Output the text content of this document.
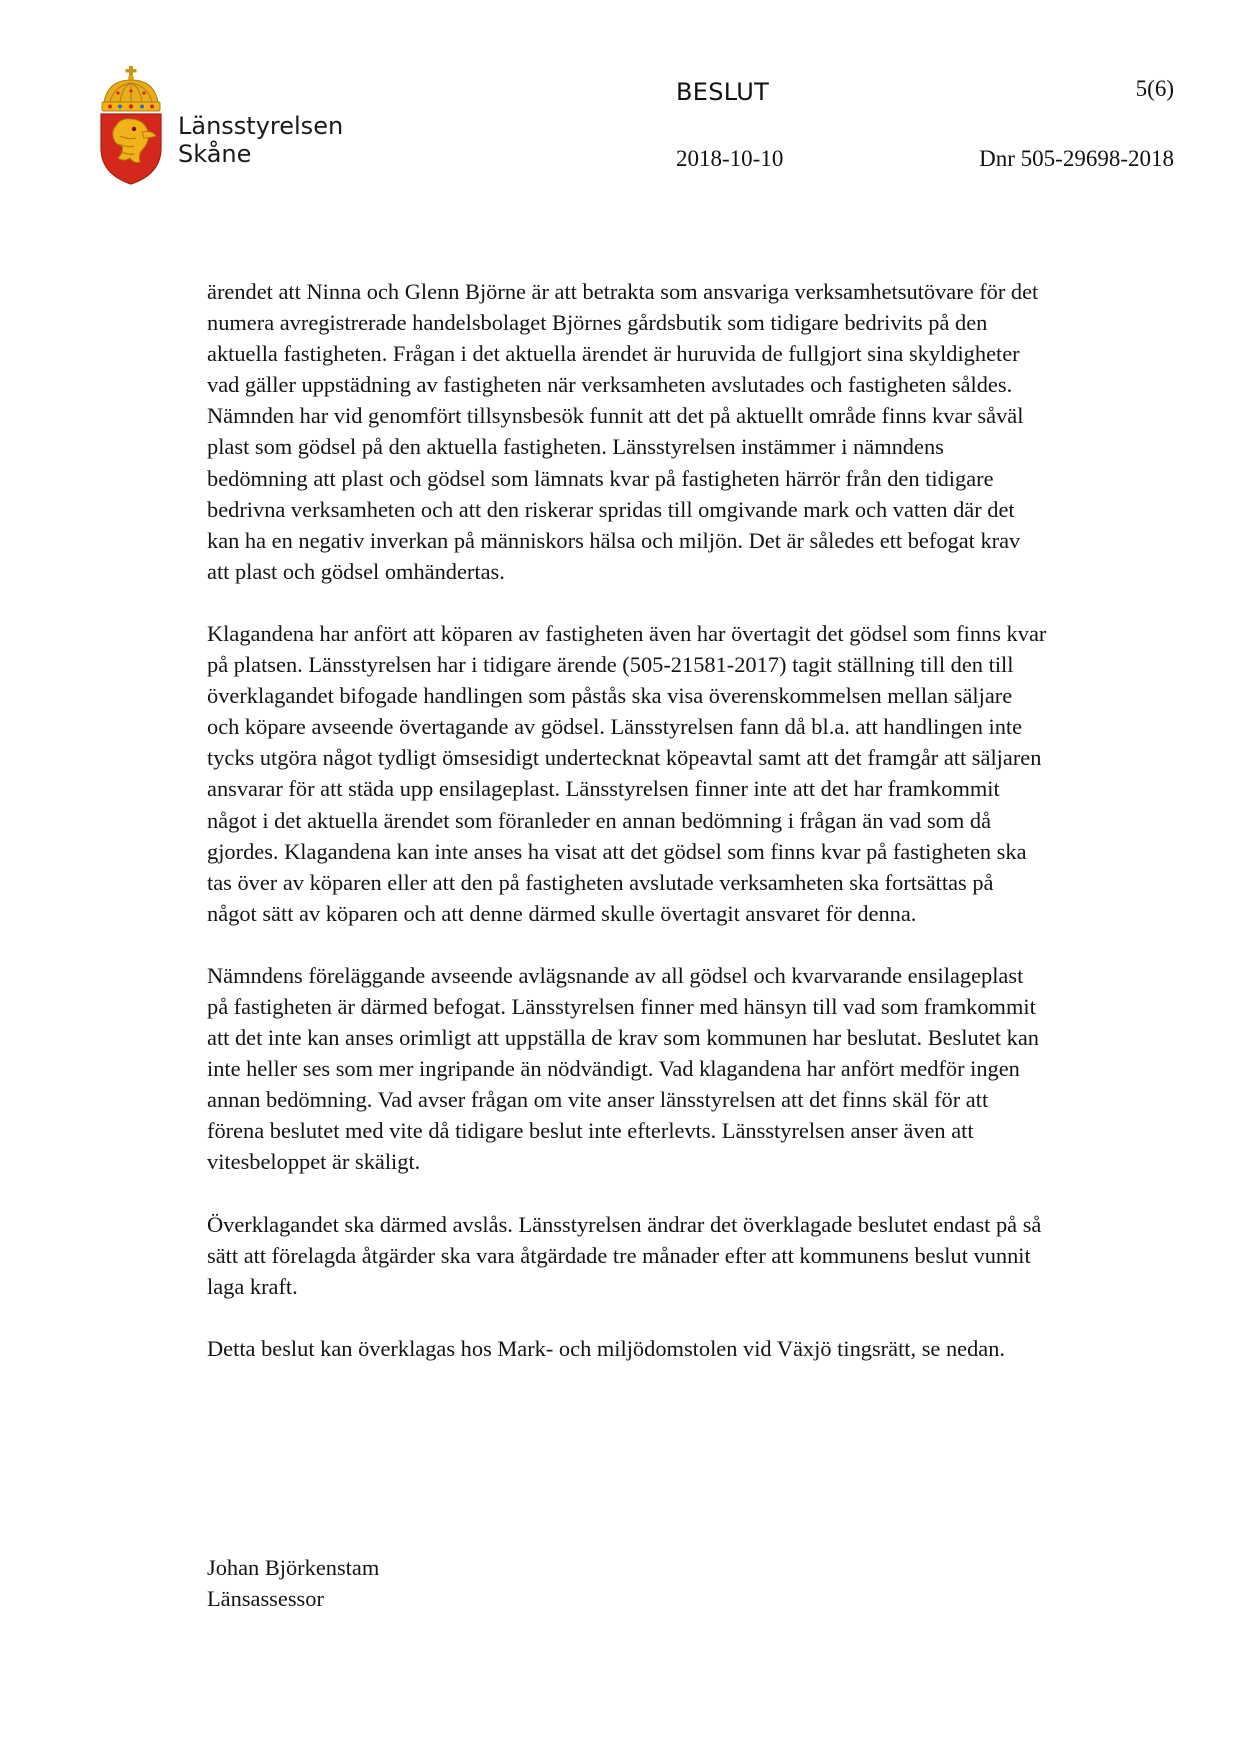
Länsstyrelsen
Skåne
BESLUT	5(6)
2018-10-10	Dnr 505-29698-2018

ärendet att Ninna och Glenn Björne är att betrakta som ansvariga verksamhetsutövare för det numera avregistrerade handelsbolaget Björnes gårdsbutik som tidigare bedrivits på den aktuella fastigheten. Frågan i det aktuella ärendet är huruvida de fullgjort sina skyldigheter vad gäller uppstädning av fastigheten när verksamheten avslutades och fastigheten såldes. Nämnden har vid genomfört tillsynsbesök funnit att det på aktuellt område finns kvar såväl plast som gödsel på den aktuella fastigheten. Länsstyrelsen instämmer i nämndens bedömning att plast och gödsel som lämnats kvar på fastigheten härrör från den tidigare bedrivna verksamheten och att den riskerar spridas till omgivande mark och vatten där det kan ha en negativ inverkan på människors hälsa och miljön. Det är således ett befogat krav att plast och gödsel omhändertas.

Klagandena har anfört att köparen av fastigheten även har övertagit det gödsel som finns kvar på platsen. Länsstyrelsen har i tidigare ärende (505-21581-2017) tagit ställning till den till överklagandet bifogade handlingen som påstås ska visa överenskommelsen mellan säljare och köpare avseende övertagande av gödsel. Länsstyrelsen fann då bl.a. att handlingen inte tycks utgöra något tydligt ömsesidigt undertecknat köpeavtal samt att det framgår att säljaren ansvarar för att städa upp ensilageplast. Länsstyrelsen finner inte att det har framkommit något i det aktuella ärendet som föranleder en annan bedömning i frågan än vad som då gjordes. Klagandena kan inte anses ha visat att det gödsel som finns kvar på fastigheten ska tas över av köparen eller att den på fastigheten avslutade verksamheten ska fortsättas på något sätt av köparen och att denne därmed skulle övertagit ansvaret för denna.

Nämndens föreläggande avseende avlägsnande av all gödsel och kvarvarande ensilageplast på fastigheten är därmed befogat. Länsstyrelsen finner med hänsyn till vad som framkommit att det inte kan anses orimligt att uppställa de krav som kommunen har beslutat. Beslutet kan inte heller ses som mer ingripande än nödvändigt. Vad klagandena har anfört medför ingen annan bedömning. Vad avser frågan om vite anser länsstyrelsen att det finns skäl för att förena beslutet med vite då tidigare beslut inte efterlevts. Länsstyrelsen anser även att vitesbeloppet är skäligt.

Överklagandet ska därmed avslås. Länsstyrelsen ändrar det överklagade beslutet endast på så sätt att förelagda åtgärder ska vara åtgärdade tre månader efter att kommunens beslut vunnit laga kraft.

Detta beslut kan överklagas hos Mark- och miljödomstolen vid Växjö tingsrätt, se nedan.

Johan Björkenstam
Länsassessor
